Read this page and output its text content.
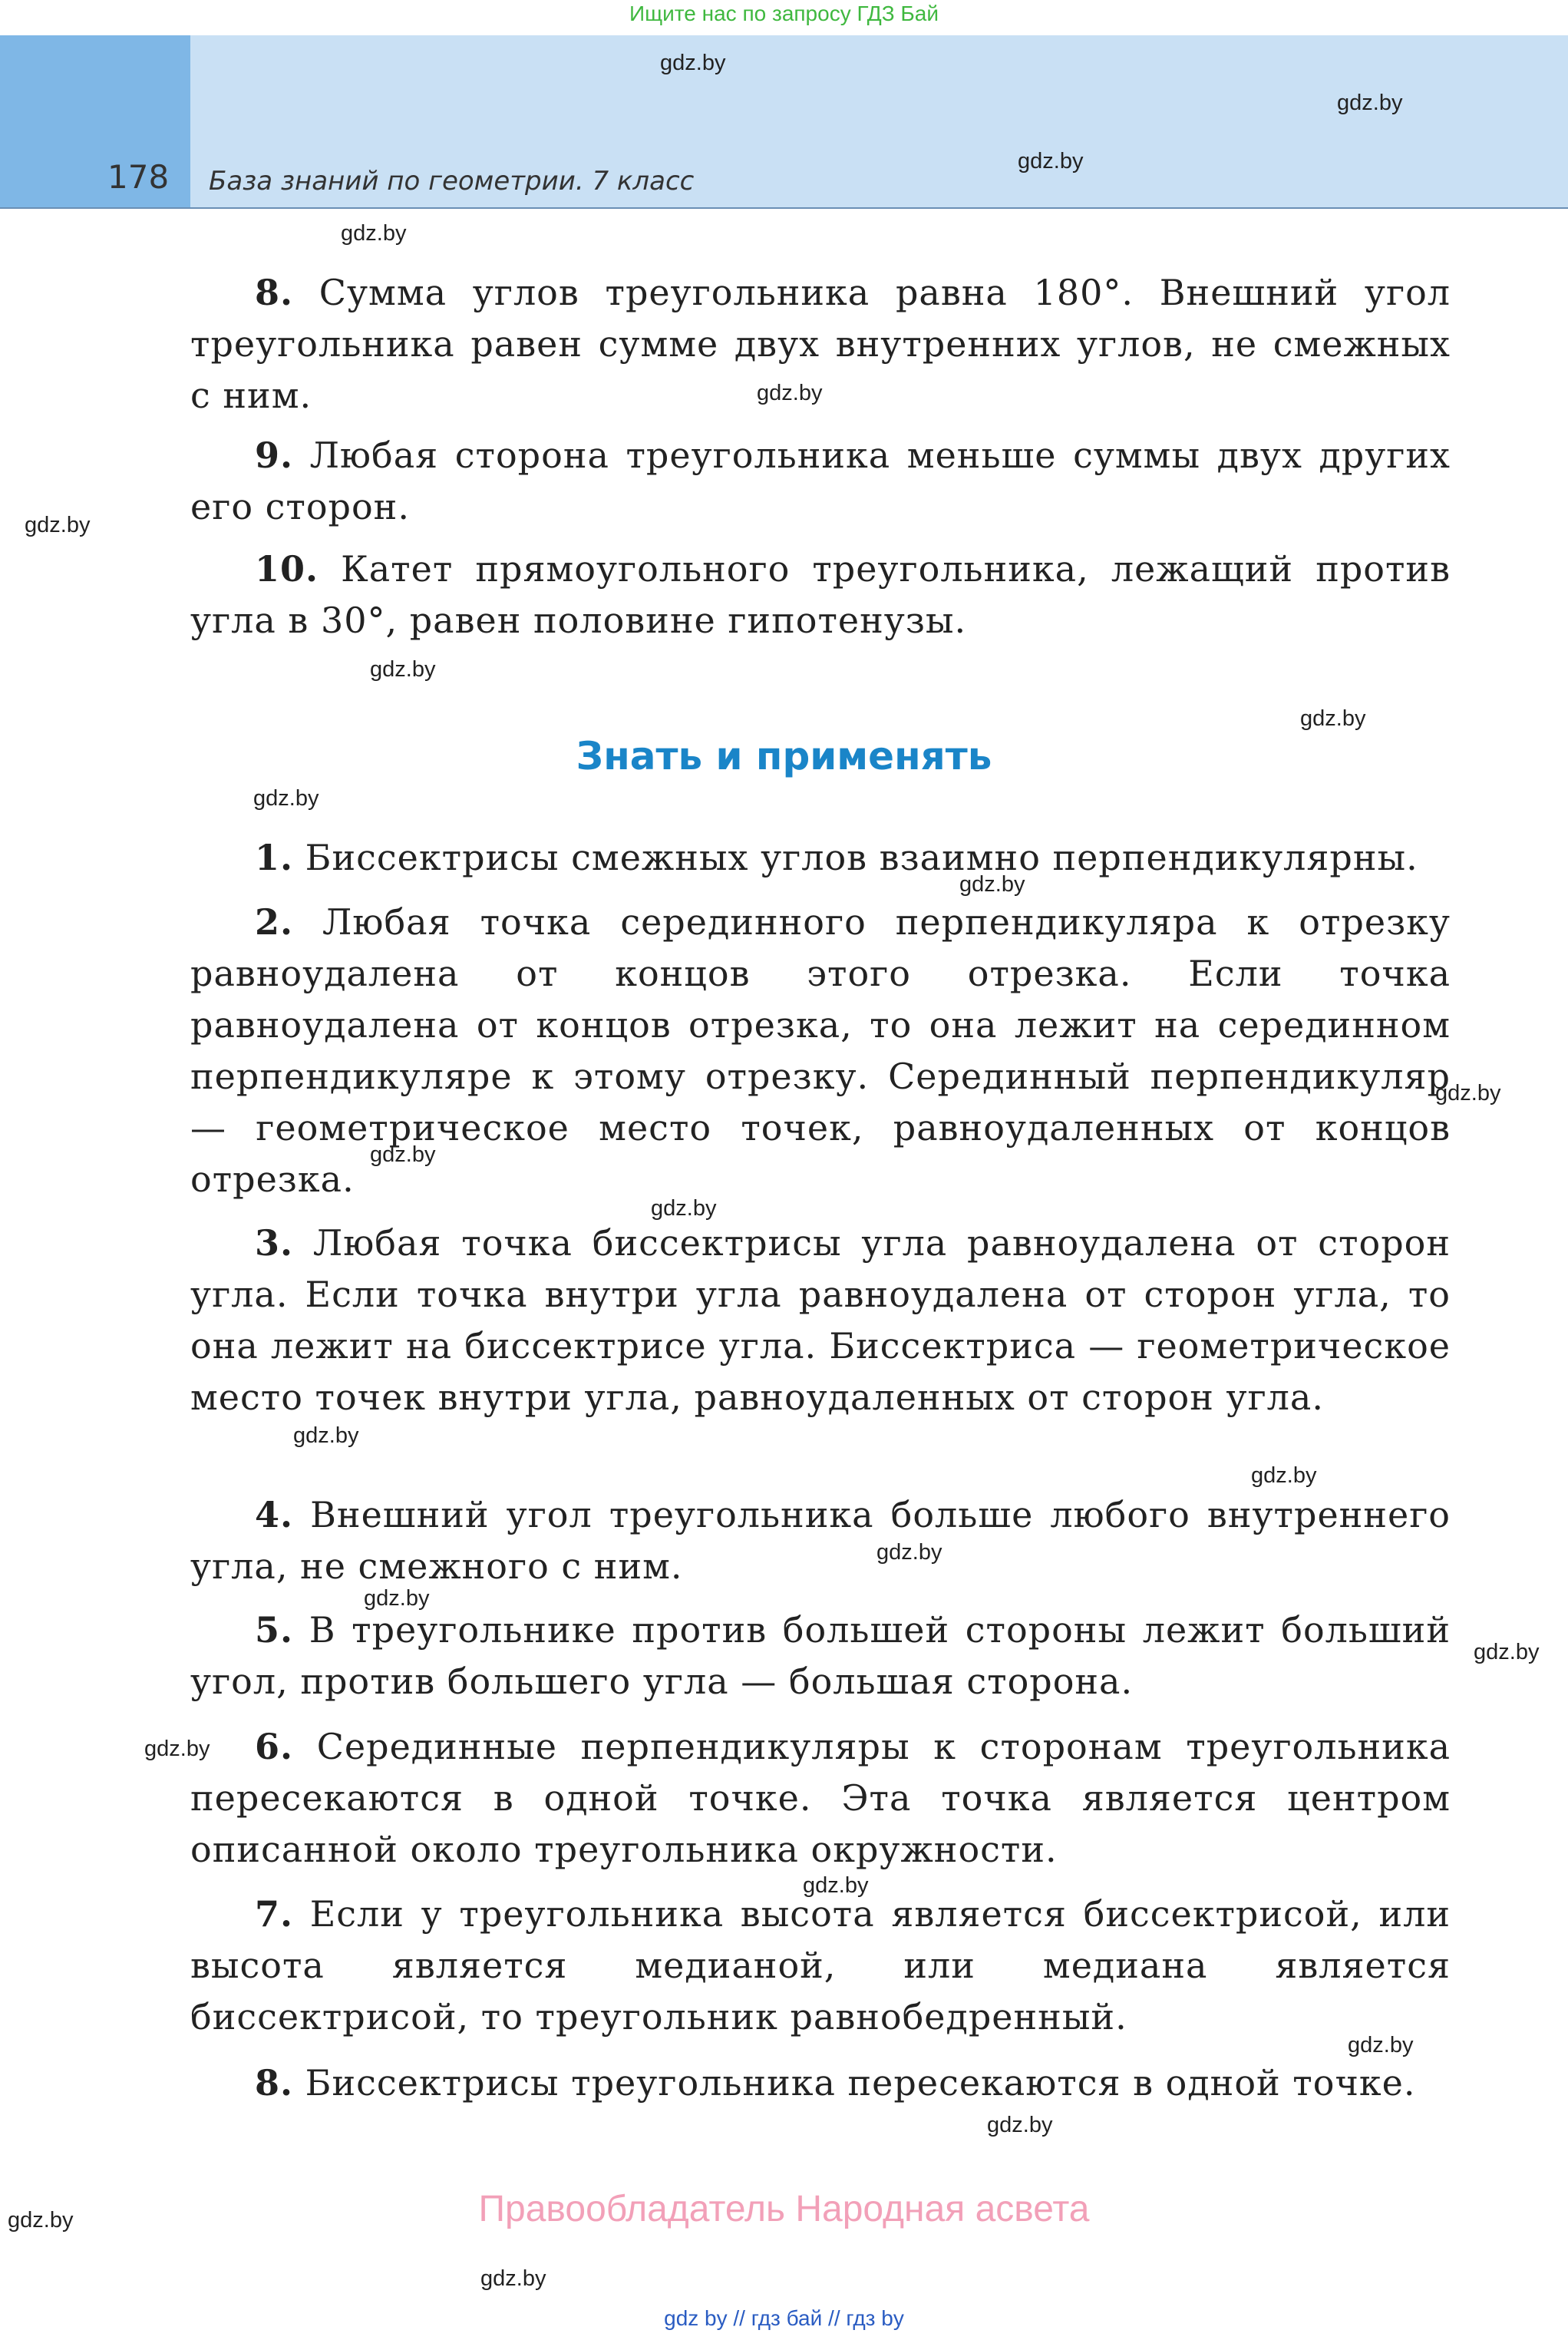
Ищите нас по запросу ГДЗ Бай
178 База знаний по геометрии. 7 класс

8. Сумма углов треугольника равна 180°. Внешний угол треугольника равен сумме двух внутренних углов, не смежных с ним.

9. Любая сторона треугольника меньше суммы двух других его сторон.

10. Катет прямоугольного треугольника, лежащий против угла в 30°, равен половине гипотенузы.

Знать и применять

1. Биссектрисы смежных углов взаимно перпендикулярны.

2. Любая точка серединного перпендикуляра к отрезку равноудалена от концов этого отрезка. Если точка равноудалена от концов отрезка, то она лежит на серединном перпендикуляре к этому отрезку. Серединный перпендикуляр — геометрическое место точек, равноудаленных от концов отрезка.

3. Любая точка биссектрисы угла равноудалена от сторон угла. Если точка внутри угла равноудалена от сторон угла, то она лежит на биссектрисе угла. Биссектриса — геометрическое место точек внутри угла, равноудаленных от сторон угла.

4. Внешний угол треугольника больше любого внутреннего угла, не смежного с ним.

5. В треугольнике против большей стороны лежит больший угол, против большего угла — большая сторона.

6. Серединные перпендикуляры к сторонам треугольника пересекаются в одной точке. Эта точка является центром описанной около треугольника окружности.

7. Если у треугольника высота является биссектрисой, или высота является медианой, или медиана является биссектрисой, то треугольник равнобедренный.

8. Биссектрисы треугольника пересекаются в одной точке.

gdz.by
gdz.by
gdz.by
gdz.by
gdz.by
gdz.by
gdz.by
gdz.by
gdz.by
gdz.by
gdz.by
gdz.by
gdz.by
gdz.by
gdz.by
gdz.by
gdz.by
gdz.by
gdz.by
gdz.by
gdz.by
gdz.by
gdz.by
gdz.by
Правообладатель Народная асвета
gdz by // гдз бай // гдз by
